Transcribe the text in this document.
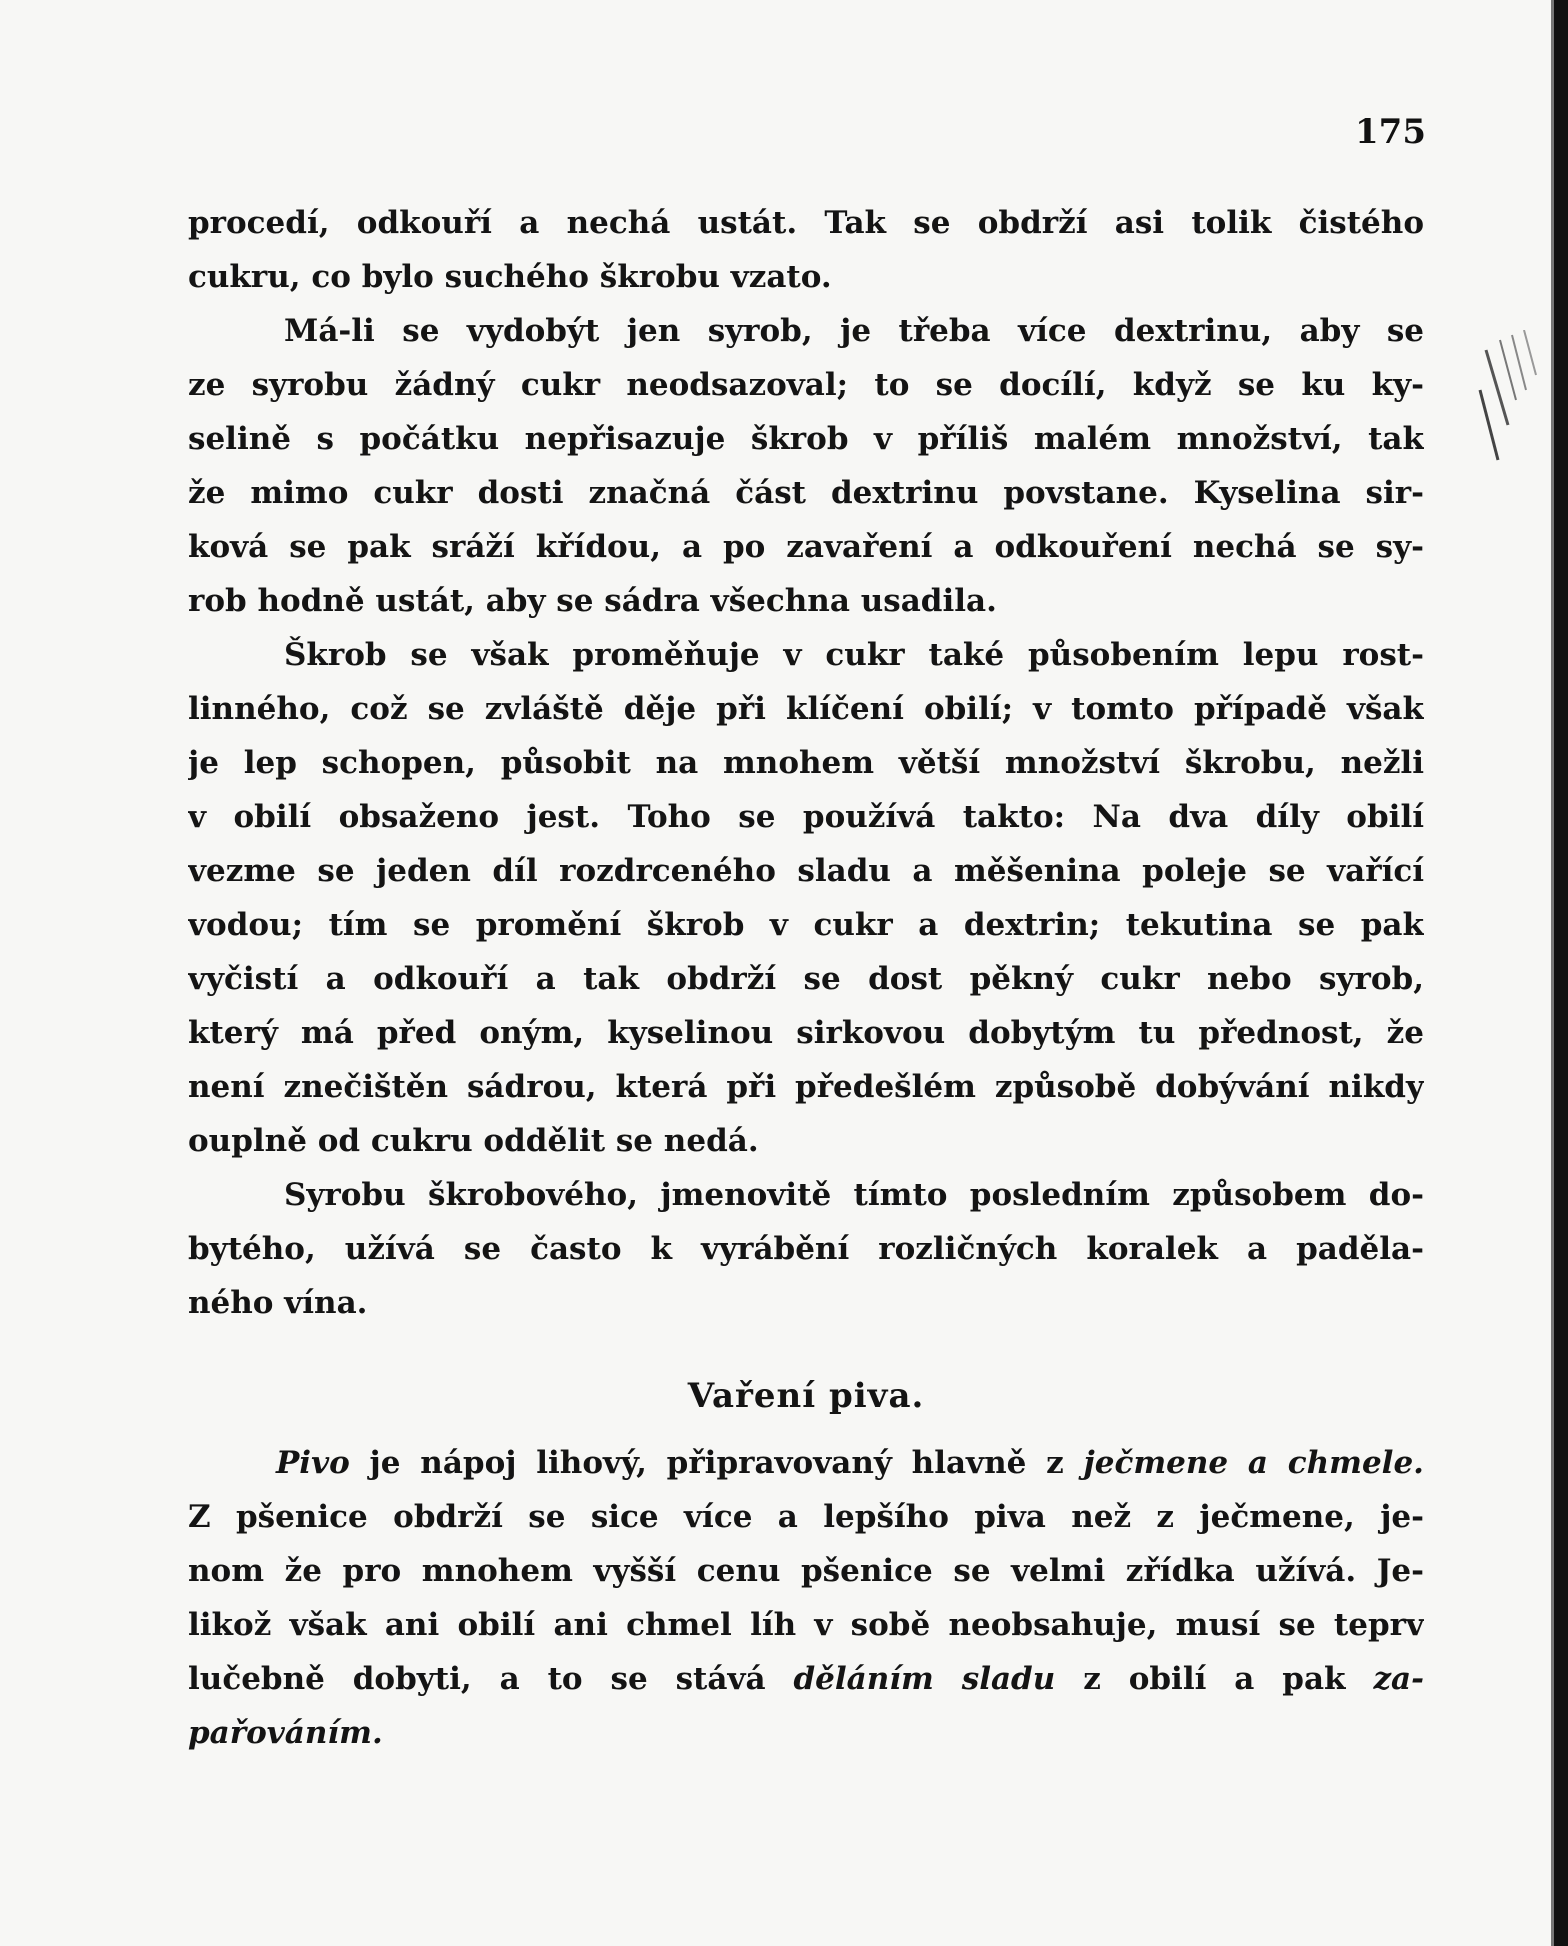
175
procedí, odkouří a nechá ustát. Tak se obdrží asi tolik čistého
cukru, co bylo suchého škrobu vzato.
Má-li se vydobýt jen syrob, je třeba více dextrinu, aby se
ze syrobu žádný cukr neodsazoval; to se docílí, když se ku ky-
selině s počátku nepřisazuje škrob v příliš malém množství, tak
že mimo cukr dosti značná část dextrinu povstane. Kyselina sir-
ková se pak sráží křídou, a po zavaření a odkouření nechá se sy-
rob hodně ustát, aby se sádra všechna usadila.
Škrob se však proměňuje v cukr také působením lepu rost-
linného, což se zvláště děje při klíčení obilí; v tomto případě však
je lep schopen, působit na mnohem větší množství škrobu, nežli
v obilí obsaženo jest. Toho se používá takto: Na dva díly obilí
vezme se jeden díl rozdrceného sladu a měšenina poleje se vařící
vodou; tím se promění škrob v cukr a dextrin; tekutina se pak
vyčistí a odkouří a tak obdrží se dost pěkný cukr nebo syrob,
který má před oným, kyselinou sirkovou dobytým tu přednost, že
není znečištěn sádrou, která při předešlém způsobě dobývání nikdy
ouplně od cukru oddělit se nedá.
Syrobu škrobového, jmenovitě tímto posledním způsobem do-
bytého, užívá se často k vyrábění rozličných koralek a paděla-
ného vína.
Vaření piva.
Pivo je nápoj lihový, připravovaný hlavně z ječmene a chmele.
Z pšenice obdrží se sice více a lepšího piva než z ječmene, je-
nom že pro mnohem vyšší cenu pšenice se velmi zřídka užívá. Je-
likož však ani obilí ani chmel líh v sobě neobsahuje, musí se teprv
lučebně dobyti, a to se stává děláním sladu z obilí a pak za-
pařováním.
